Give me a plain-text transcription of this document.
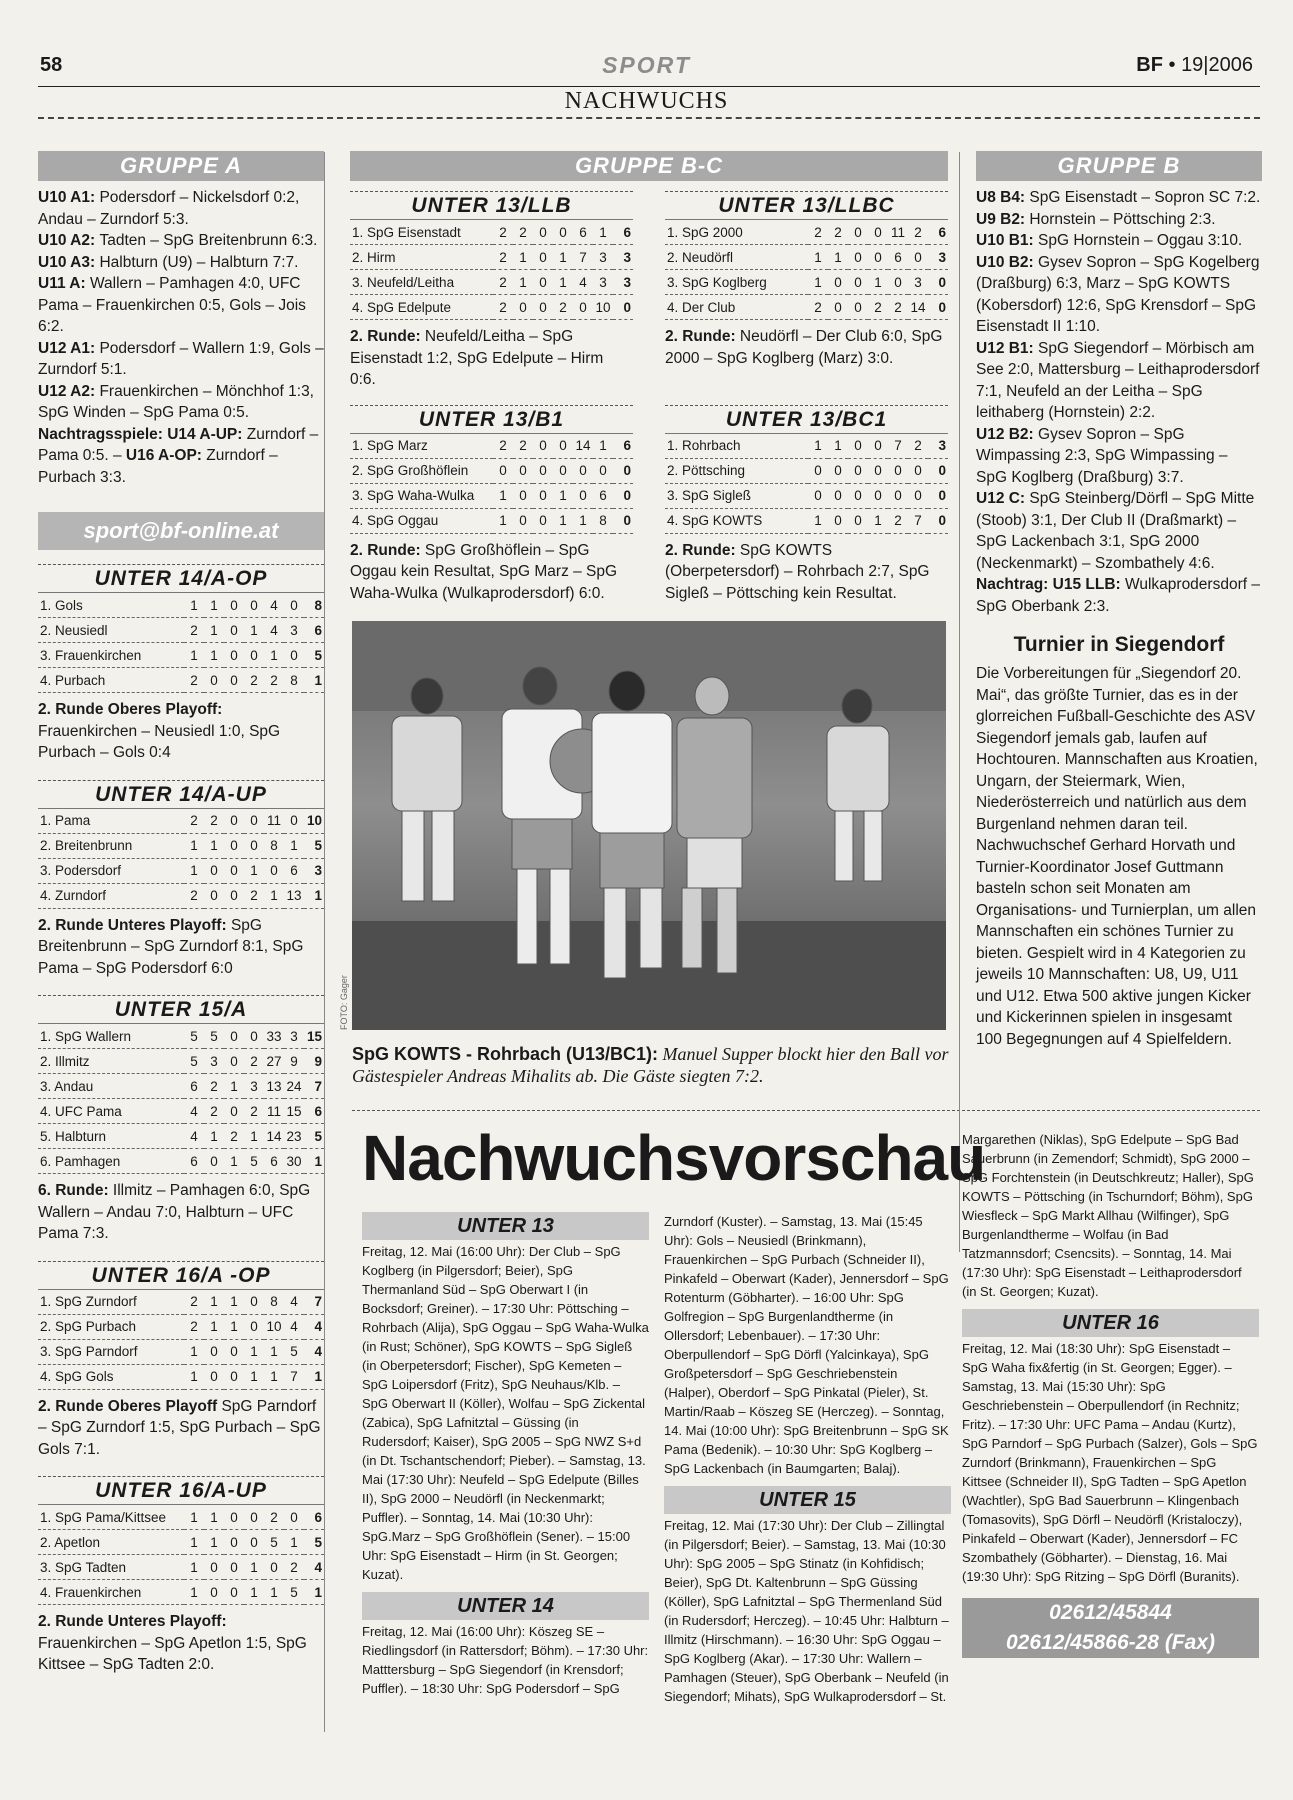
58	SPORT	BF • 19|2006
NACHWUCHS
GRUPPE A
U10 A1: Podersdorf – Nickelsdorf 0:2, Andau – Zurndorf 5:3.
U10 A2: Tadten – SpG Breitenbrunn 6:3.
U10 A3: Halbturn (U9) – Halbturn 7:7.
U11 A: Wallern – Pamhagen 4:0, UFC Pama – Frauenkirchen 0:5, Gols – Jois 6:2.
U12 A1: Podersdorf – Wallern 1:9, Gols – Zurndorf 5:1.
U12 A2: Frauenkirchen – Mönchhof 1:3, SpG Winden – SpG Pama 0:5.
Nachtragsspiele: U14 A-UP: Zurndorf – Pama 0:5. – U16 A-OP: Zurndorf – Purbach 3:3.
sport@bf-online.at
UNTER 14/A-OP
1. Gols	1	1	0	0	4	0	8
2. Neusiedl	2	1	0	1	4	3	6
3. Frauenkirchen	1	1	0	0	1	0	5
4. Purbach	2	0	0	2	2	8	1
2. Runde Oberes Playoff: Frauenkirchen – Neusiedl 1:0, SpG Purbach – Gols 0:4
UNTER 14/A-UP
1. Pama	2	2	0	0	11	0	10
2. Breitenbrunn	1	1	0	0	8	1	5
3. Podersdorf	1	0	0	1	0	6	3
4. Zurndorf	2	0	0	2	1	13	1
2. Runde Unteres Playoff: SpG Breitenbrunn – SpG Zurndorf 8:1, SpG Pama – SpG Podersdorf 6:0
UNTER 15/A
1. SpG Wallern	5	5	0	0	33	3	15
2. Illmitz	5	3	0	2	27	9	9
3. Andau	6	2	1	3	13	24	7
4. UFC Pama	4	2	0	2	11	15	6
5. Halbturn	4	1	2	1	14	23	5
6. Pamhagen	6	0	1	5	6	30	1
6. Runde: Illmitz – Pamhagen 6:0, SpG Wallern – Andau 7:0, Halbturn – UFC Pama 7:3.
UNTER 16/A -OP
1. SpG Zurndorf	2	1	1	0	8	4	7
2. SpG Purbach	2	1	1	0	10	4	4
3. SpG Parndorf	1	0	0	1	1	5	4
4. SpG Gols	1	0	0	1	1	7	1
2. Runde Oberes Playoff SpG Parndorf – SpG Zurndorf 1:5, SpG Purbach – SpG Gols 7:1.
UNTER 16/A-UP
1. SpG Pama/Kittsee	1	1	0	0	2	0	6
2. Apetlon	1	1	0	0	5	1	5
3. SpG Tadten	1	0	0	1	0	2	4
4. Frauenkirchen	1	0	0	1	1	5	1
2. Runde Unteres Playoff: Frauenkirchen – SpG Apetlon 1:5, SpG Kittsee – SpG Tadten 2:0.
GRUPPE B-C
UNTER 13/LLB
1. SpG Eisenstadt	2	2	0	0	6	1	6
2. Hirm	2	1	0	1	7	3	3
3. Neufeld/Leitha	2	1	0	1	4	3	3
4. SpG Edelpute	2	0	0	2	0	10	0
2. Runde: Neufeld/Leitha – SpG Eisenstadt 1:2, SpG Edelpute – Hirm 0:6.
UNTER 13/LLBC
1. SpG 2000	2	2	0	0	11	2	6
2. Neudörfl	1	1	0	0	6	0	3
3. SpG Koglberg	1	0	0	1	0	3	0
4. Der Club	2	0	0	2	2	14	0
2. Runde: Neudörfl – Der Club 6:0, SpG 2000 – SpG Koglberg (Marz) 3:0.
UNTER 13/B1
1. SpG Marz	2	2	0	0	14	1	6
2. SpG Großhöflein	0	0	0	0	0	0	0
3. SpG Waha-Wulka	1	0	0	1	0	6	0
4. SpG Oggau	1	0	0	1	1	8	0
2. Runde: SpG Großhöflein – SpG Oggau kein Resultat, SpG Marz – SpG Waha-Wulka (Wulkaprodersdorf) 6:0.
UNTER 13/BC1
1. Rohrbach	1	1	0	0	7	2	3
2. Pöttsching	0	0	0	0	0	0	0
3. SpG Sigleß	0	0	0	0	0	0	0
4. SpG KOWTS	1	0	0	1	2	7	0
2. Runde: SpG KOWTS (Oberpetersdorf) – Rohrbach 2:7, SpG Sigleß – Pöttsching kein Resultat.
FOTO: Gager
SpG KOWTS - Rohrbach (U13/BC1): Manuel Supper blockt hier den Ball vor Gästespieler Andreas Mihalits ab. Die Gäste siegten 7:2.
GRUPPE B
U8 B4: SpG Eisenstadt – Sopron SC 7:2.
U9 B2: Hornstein – Pöttsching 2:3.
U10 B1: SpG Hornstein – Oggau 3:10.
U10 B2: Gysev Sopron – SpG Kogelberg (Draßburg) 6:3, Marz – SpG KOWTS (Kobersdorf) 12:6, SpG Krensdorf – SpG Eisenstadt II 1:10.
U12 B1: SpG Siegendorf – Mörbisch am See 2:0, Mattersburg – Leithaprodersdorf 7:1, Neufeld an der Leitha – SpG leithaberg (Hornstein) 2:2.
U12 B2: Gysev Sopron – SpG Wimpassing 2:3, SpG Wimpassing – SpG Koglberg (Draßburg) 3:7.
U12 C: SpG Steinberg/Dörfl – SpG Mitte (Stoob) 3:1, Der Club II (Draßmarkt) – SpG Lackenbach 3:1, SpG 2000 (Neckenmarkt) – Szombathely 4:6.
Nachtrag: U15 LLB: Wulkaprodersdorf – SpG Oberbank 2:3.
Turnier in Siegendorf
Die Vorbereitungen für „Siegendorf 20. Mai“, das größte Turnier, das es in der glorreichen Fußball-Geschichte des ASV Siegendorf jemals gab, laufen auf Hochtouren. Mannschaften aus Kroatien, Ungarn, der Steiermark, Wien, Niederösterreich und natürlich aus dem Burgenland nehmen daran teil. Nachwuchschef Gerhard Horvath und Turnier-Koordinator Josef Guttmann basteln schon seit Monaten am Organisations- und Turnierplan, um allen Mannschaften ein schönes Turnier zu bieten. Gespielt wird in 4 Kategorien zu jeweils 10 Mannschaften: U8, U9, U11 und U12. Etwa 500 aktive jungen Kicker und Kickerinnen spielen in insgesamt 100 Begegnungen auf 4 Spielfeldern.
Nachwuchsvorschau
UNTER 13
Freitag, 12. Mai (16:00 Uhr): Der Club – SpG Koglberg (in Pilgersdorf; Beier), SpG Thermanland Süd – SpG Oberwart I (in Bocksdorf; Greiner). – 17:30 Uhr: Pöttsching – Rohrbach (Alija), SpG Oggau – SpG Waha-Wulka (in Rust; Schöner), SpG KOWTS – SpG Sigleß (in Oberpetersdorf; Fischer), SpG Kemeten – SpG Loipersdorf (Fritz), SpG Neuhaus/Klb. – SpG Oberwart II (Köller), Wolfau – SpG Zickental (Zabica), SpG Lafnitztal – Güssing (in Rudersdorf; Kaiser), SpG 2005 – SpG NWZ S+d (in Dt. Tschantschendorf; Pieber). – Samstag, 13. Mai (17:30 Uhr): Neufeld – SpG Edelpute (Billes II), SpG 2000 – Neudörfl (in Neckenmarkt; Puffler). – Sonntag, 14. Mai (10:30 Uhr): SpG.Marz – SpG Großhöflein (Sener). – 15:00 Uhr: SpG Eisenstadt – Hirm (in St. Georgen; Kuzat).
UNTER 14
Freitag, 12. Mai (16:00 Uhr): Köszeg SE – Riedlingsdorf (in Rattersdorf; Böhm). – 17:30 Uhr: Matttersburg – SpG Siegendorf (in Krensdorf; Puffler). – 18:30 Uhr: SpG Podersdorf – SpG
Zurndorf (Kuster). – Samstag, 13. Mai (15:45 Uhr): Gols – Neusiedl (Brinkmann), Frauenkirchen – SpG Purbach (Schneider II), Pinkafeld – Oberwart (Kader), Jennersdorf – SpG Rotenturm (Göbharter). – 16:00 Uhr: SpG Golfregion – SpG Burgenlandtherme (in Ollersdorf; Lebenbauer). – 17:30 Uhr: Oberpullendorf – SpG Dörfl (Yalcinkaya), SpG Großpetersdorf – SpG Geschriebenstein (Halper), Oberdorf – SpG Pinkatal (Pieler), St. Martin/Raab – Köszeg SE (Herczeg). – Sonntag, 14. Mai (10:00 Uhr): SpG Breitenbrunn – SpG SK Pama (Bedenik). – 10:30 Uhr: SpG Koglberg – SpG Lackenbach (in Baumgarten; Balaj).
UNTER 15
Freitag, 12. Mai (17:30 Uhr): Der Club – Zillingtal (in Pilgersdorf; Beier). – Samstag, 13. Mai (10:30 Uhr): SpG 2005 – SpG Stinatz (in Kohfidisch; Beier), SpG Dt. Kaltenbrunn – SpG Güssing (Köller), SpG Lafnitztal – SpG Thermenland Süd (in Rudersdorf; Herczeg). – 10:45 Uhr: Halbturn – Illmitz (Hirschmann). – 16:30 Uhr: SpG Oggau – SpG Koglberg (Akar). – 17:30 Uhr: Wallern – Pamhagen (Steuer), SpG Oberbank – Neufeld (in Siegendorf; Mihats), SpG Wulkaprodersdorf – St.
Margarethen (Niklas), SpG Edelpute – SpG Bad Sauerbrunn (in Zemendorf; Schmidt), SpG 2000 – SpG Forchtenstein (in Deutschkreutz; Haller), SpG KOWTS – Pöttsching (in Tschurndorf; Böhm), SpG Wiesfleck – SpG Markt Allhau (Wilfinger), SpG Burgenlandtherme – Wolfau (in Bad Tatzmannsdorf; Csencsits). – Sonntag, 14. Mai (17:30 Uhr): SpG Eisenstadt – Leithaprodersdorf (in St. Georgen; Kuzat).
UNTER 16
Freitag, 12. Mai (18:30 Uhr): SpG Eisenstadt – SpG Waha fix&fertig (in St. Georgen; Egger). – Samstag, 13. Mai (15:30 Uhr): SpG Geschriebenstein – Oberpullendorf (in Rechnitz; Fritz). – 17:30 Uhr: UFC Pama – Andau (Kurtz), SpG Parndorf – SpG Purbach (Salzer), Gols – SpG Zurndorf (Brinkmann), Frauenkirchen – SpG Kittsee (Schneider II), SpG Tadten – SpG Apetlon (Wachtler), SpG Bad Sauerbrunn – Klingenbach (Tomasovits), SpG Dörfl – Neudörfl (Kristaloczy), Pinkafeld – Oberwart (Kader), Jennersdorf – FC Szombathely (Göbharter). – Dienstag, 16. Mai (19:30 Uhr): SpG Ritzing – SpG Dörfl (Buranits).
02612/45844
02612/45866-28 (Fax)
